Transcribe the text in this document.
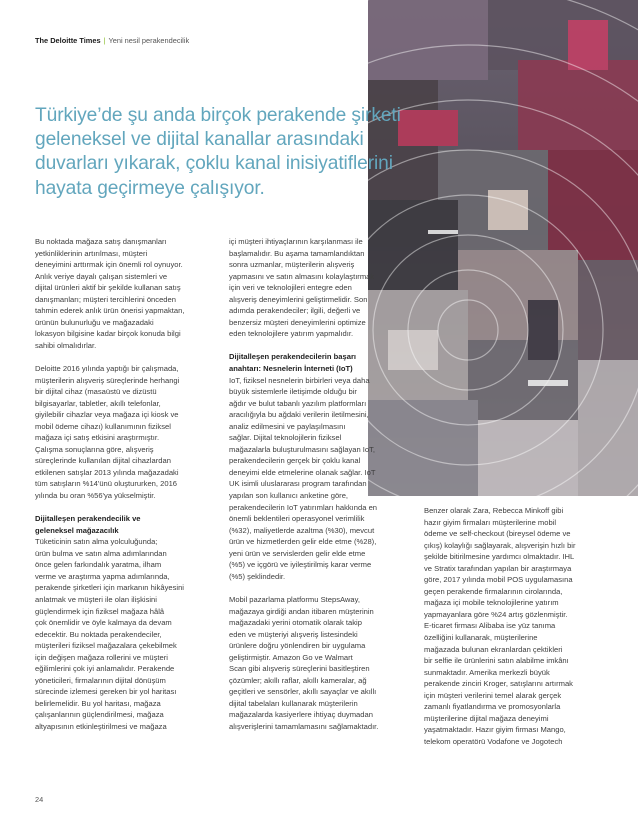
The Deloitte Times | Yeni nesil perakendecilik
Türkiye’de şu anda birçok perakende şirketi
geleneksel ve dijital kanallar arasındaki
duvarları yıkarak, çoklu kanal inisiyatiflerini
hayata geçirmeye çalışıyor.

Bu noktada mağaza satış danışmanları
yetkinliklerinin artırılması, müşteri
deneyimini arttırmak için önemli rol oynuyor.
Anlık veriye dayalı çalışan sistemleri ve
dijital ürünleri aktif bir şekilde kullanan satış
danışmanları; müşteri tercihlerini önceden
tahmin ederek anlık ürün önerisi yapmaktan,
ürünün bulunurluğu ve mağazadaki
lokasyon bilgisine kadar birçok konuda bilgi
sahibi olmalıdırlar.

Deloitte 2016 yılında yaptığı bir çalışmada,
müşterilerin alışveriş süreçlerinde herhangi
bir dijital cihaz (masaüstü ve dizüstü
bilgisayarlar, tabletler, akıllı telefonlar,
giyilebilir cihazlar veya mağaza içi kiosk ve
mobil ödeme cihazı) kullanımının fiziksel
mağaza içi satış etkisini araştırmıştır.
Çalışma sonuçlarına göre, alışveriş
süreçlerinde kullanılan dijital cihazlardan
etkilenen satışlar 2013 yılında mağazadaki
tüm satışların %14'ünü oluştururken, 2016
yılında bu oran %56'ya yükselmiştir.

Dijitalleşen perakendecilik ve
geleneksel mağazacılık

Tüketicinin satın alma yolculuğunda;
ürün bulma ve satın alma adımlarından
önce gelen farkındalık yaratma, ilham
verme ve araştırma yapma adımlarında,
perakende şirketleri için markanın hikâyesini
anlatmak ve müşteri ile olan ilişkisini
güçlendirmek için fiziksel mağaza hâlâ
çok önemlidir ve öyle kalmaya da devam
edecektir. Bu noktada perakendeciler,
müşterileri fiziksel mağazalara çekebilmek
için değişen mağaza rollerini ve müşteri
eğilimlerini çok iyi anlamalıdır. Perakende
yöneticileri, firmalarının dijital dönüşüm
sürecinde izlemesi gereken bir yol haritası
belirlemelidir. Bu yol haritası, mağaza
çalışanlarının güçlendirilmesi, mağaza
altyapısının etkinleştirilmesi ve mağaza

içi müşteri ihtiyaçlarının karşılanması ile
başlamalıdır. Bu aşama tamamlandıktan
sonra uzmanlar, müşterilerin alışveriş
yapmasını ve satın almasını kolaylaştırmak
için veri ve teknolojileri entegre eden
alışveriş deneyimlerini geliştirmelidir. Son
adımda perakendeciler; ilgili, değerli ve
benzersiz müşteri deneyimlerini optimize
eden teknolojilere yatırım yapmalıdır.

Dijitalleşen perakendecilerin başarı
anahtarı: Nesnelerin İnterneti (IoT)

IoT, fiziksel nesnelerin birbirleri veya daha
büyük sistemlerle iletişimde olduğu bir
ağdır ve bulut tabanlı yazılım platformları
aracılığıyla bu ağdaki verilerin iletilmesini,
analiz edilmesini ve paylaşılmasını
sağlar. Dijital teknolojilerin fiziksel
mağazalarla buluşturulmasını sağlayan IoT,
perakendecilerin gerçek bir çoklu kanal
deneyimi elde etmelerine olanak sağlar. IoT
UK isimli uluslararası program tarafından
yapılan son kullanıcı anketine göre,
perakendecilerin IoT yatırımları hakkında en
önemli beklentileri operasyonel verimlilik
(%32), maliyetlerde azaltma (%30), mevcut
ürün ve hizmetlerden gelir elde etme (%28),
yeni ürün ve servislerden gelir elde etme
(%5) ve içgörü ve iyileştirilmiş karar verme
(%5) şeklindedir.

Mobil pazarlama platformu StepsAway,
mağazaya girdiği andan itibaren müşterinin
mağazadaki yerini otomatik olarak takip
eden ve müşteriyi alışveriş listesindeki
ürünlere doğru yönlendiren bir uygulama
geliştirmiştir. Amazon Go ve Walmart
Scan gibi alışveriş süreçlerini basitleştiren
çözümler; akıllı raflar, akıllı kameralar, ağ
geçitleri ve sensörler, akıllı sayaçlar ve akıllı
dijital tabelaları kullanarak müşterilerin
mağazalarda kasiyerlere ihtiyaç duymadan
alışverişlerini tamamlamasını sağlamaktadır.

Benzer olarak Zara, Rebecca Minkoff gibi
hazır giyim firmaları müşterilerine mobil
ödeme ve self-checkout (bireysel ödeme ve
çıkış) kolaylığı sağlayarak, alışverişin hızlı bir
şekilde bitirilmesine yardımcı olmaktadır. IHL
ve Stratix tarafından yapılan bir araştırmaya
göre, 2017 yılında mobil POS uygulamasına
geçen perakende firmalarının cirolarında,
mağaza içi mobile teknolojilerine yatırım
yapmayanlara göre %24 artış gözlenmiştir.
E-ticaret firması Alibaba ise yüz tanıma
özelliğini kullanarak, müşterilerine
mağazada bulunan ekranlardan çektikleri
bir selfie ile ürünlerini satın alabilme imkânı
sunmaktadır. Amerika merkezli büyük
perakende zinciri Kroger, satışlarını artırmak
için müşteri verilerini temel alarak gerçek
zamanlı fiyatlandırma ve promosyonlarla
müşterilerine dijital mağaza deneyimi
yaşatmaktadır. Hazır giyim firması Mango,
telekom operatörü Vodafone ve Jogotech

24
